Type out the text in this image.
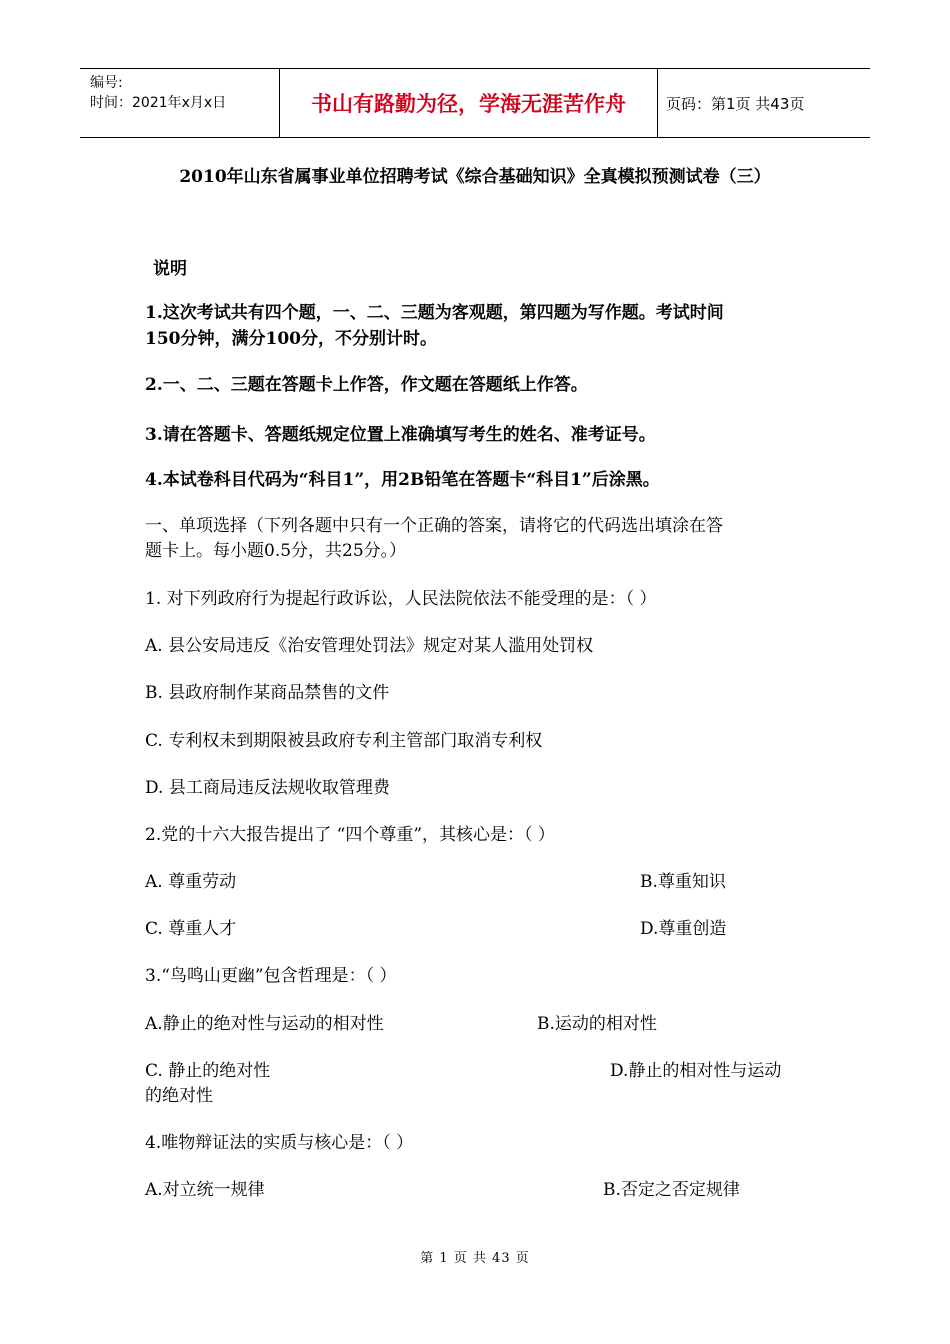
编号:
时间：2021年x月x日	书山有路勤为径，学海无涯苦作舟	页码：第1页 共43页
2010年山东省属事业单位招聘考试《综合基础知识》全真模拟预测试卷（三）
说明
1.这次考试共有四个题，一、二、三题为客观题，第四题为写作题。考试时间
150分钟，满分100分，不分别计时。
2.一、二、三题在答题卡上作答，作文题在答题纸上作答。
3.请在答题卡、答题纸规定位置上准确填写考生的姓名、准考证号。
4.本试卷科目代码为“科目1”，用2B铅笔在答题卡“科目1”后涂黑。
一、单项选择（下列各题中只有一个正确的答案，请将它的代码选出填涂在答
题卡上。每小题0.5分，共25分。）
1. 对下列政府行为提起行政诉讼，人民法院依法不能受理的是：（ ）
A. 县公安局违反《治安管理处罚法》规定对某人滥用处罚权
B. 县政府制作某商品禁售的文件
C. 专利权未到期限被县政府专利主管部门取消专利权
D. 县工商局违反法规收取管理费
2.党的十六大报告提出了 “四个尊重”，其核心是：（ ）
A. 尊重劳动	B.尊重知识
C. 尊重人才	D.尊重创造
3.“鸟鸣山更幽”包含哲理是：（ ）
A.静止的绝对性与运动的相对性	B.运动的相对性
C. 静止的绝对性	D.静止的相对性与运动
的绝对性
4.唯物辩证法的实质与核心是：（ ）
A.对立统一规律	B.否定之否定规律
第 1 页 共 43 页
